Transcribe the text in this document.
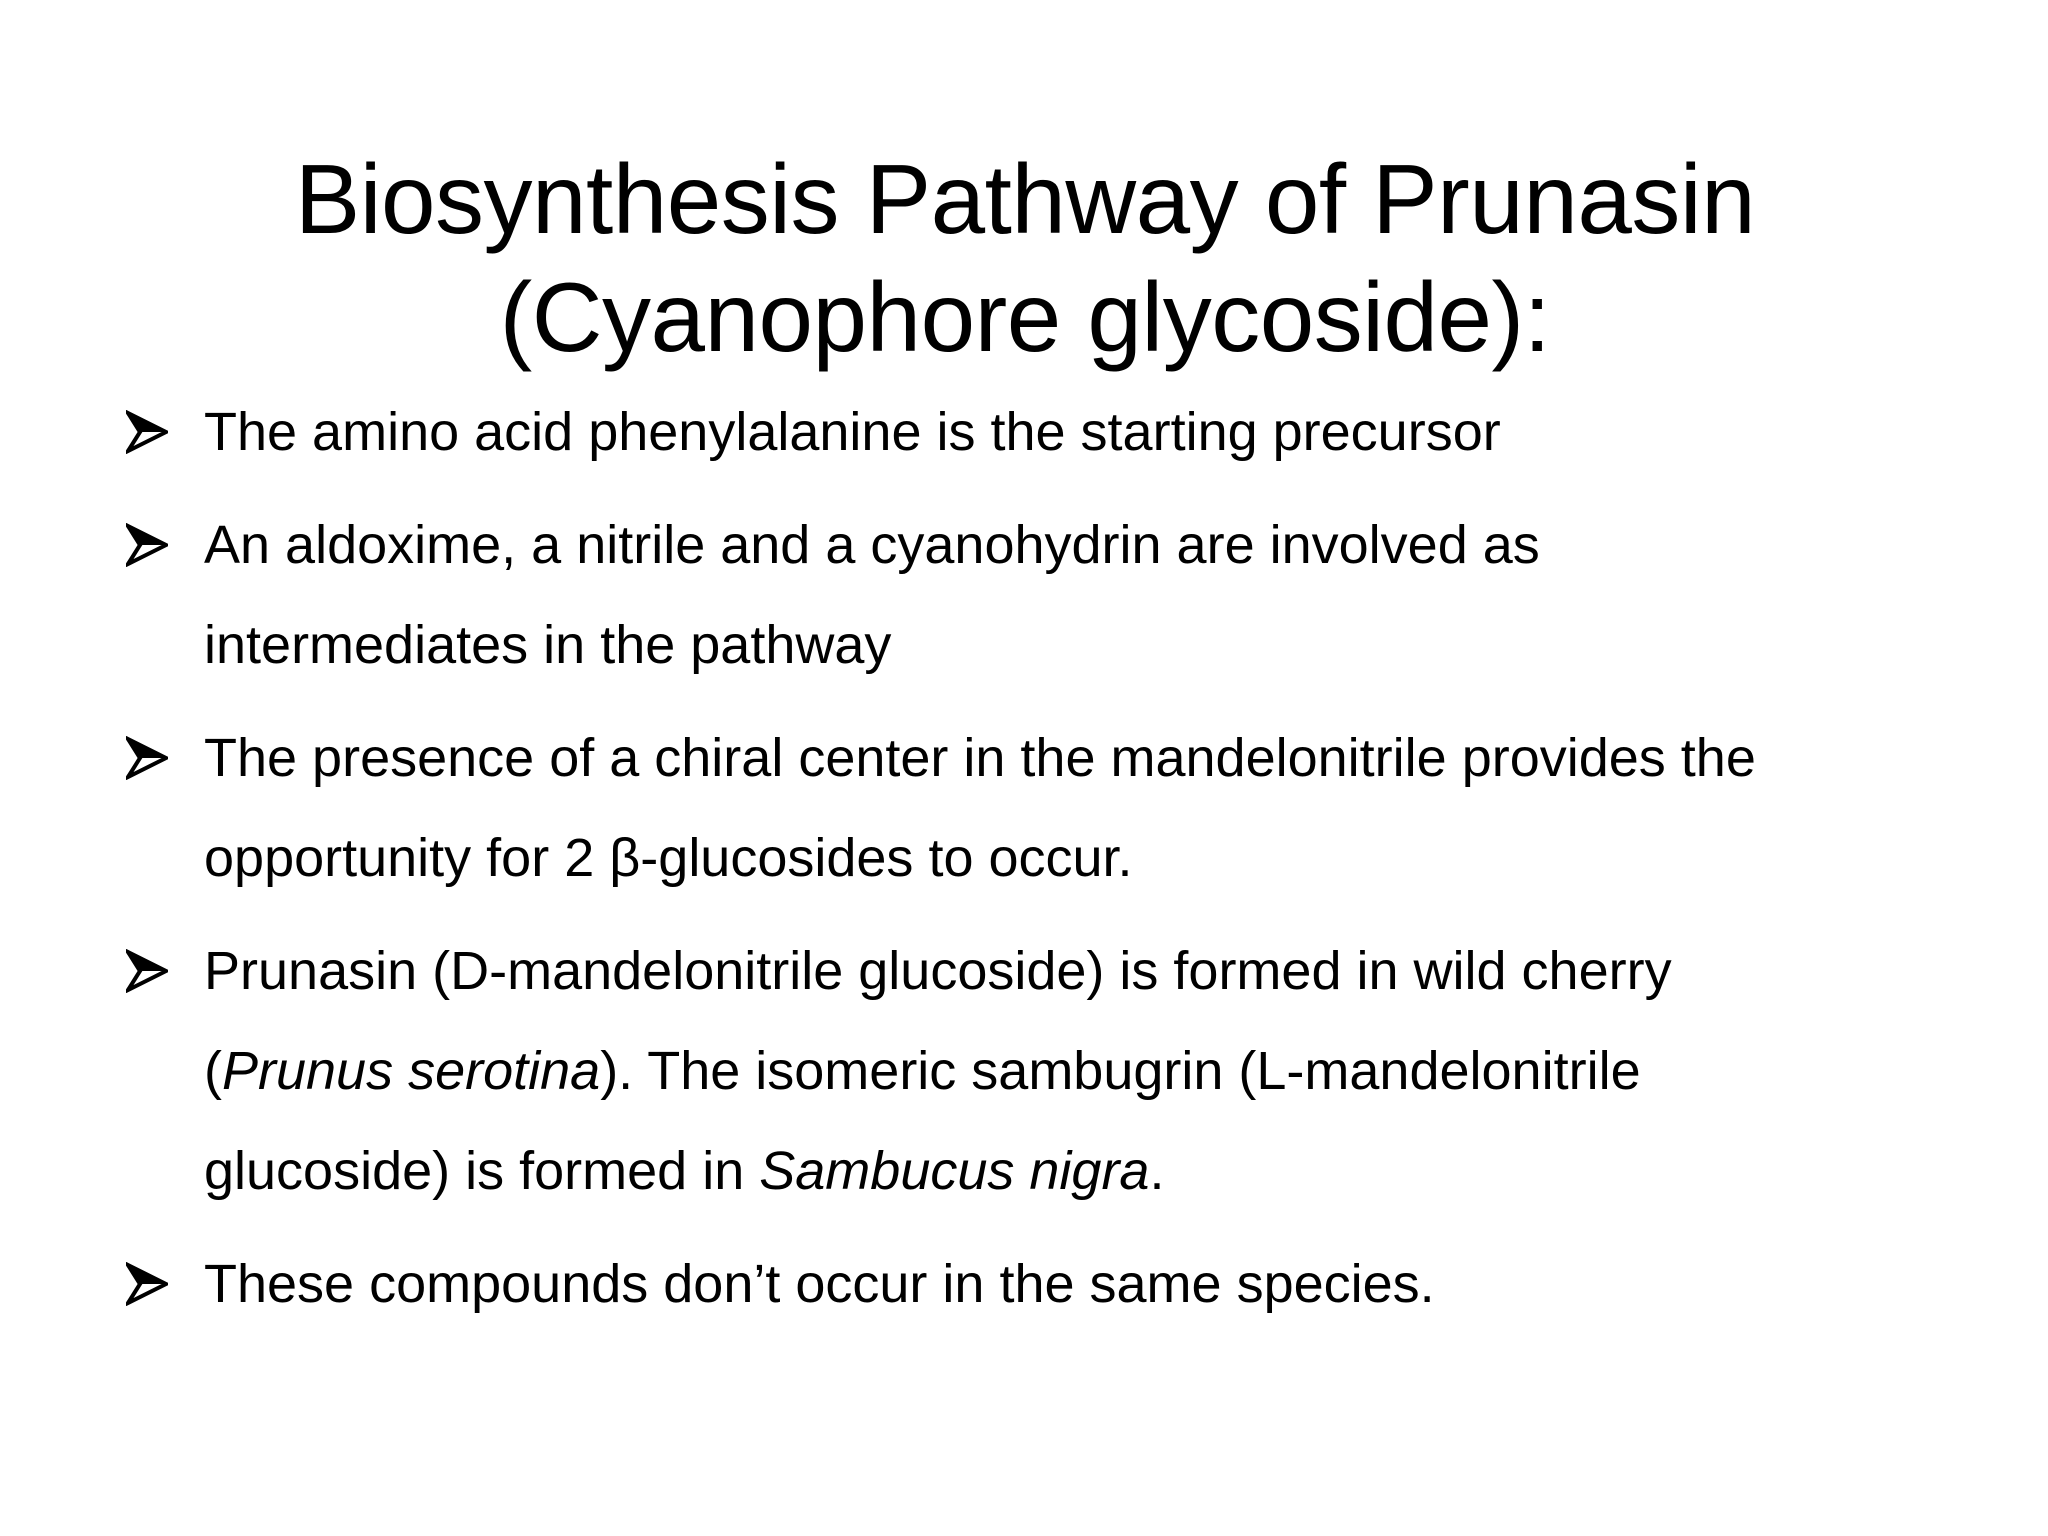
Biosynthesis Pathway of Prunasin
(Cyanophore glycoside):
The amino acid phenylalanine is the starting precursor
An aldoxime, a nitrile and a cyanohydrin are involved as
intermediates in the pathway
The presence of a chiral center in the mandelonitrile provides the
opportunity for 2 β-glucosides to occur.
Prunasin (D-mandelonitrile glucoside) is formed in wild cherry
(Prunus serotina). The isomeric sambugrin (L-mandelonitrile
glucoside) is formed in Sambucus nigra.
These compounds don’t occur in the same species.
